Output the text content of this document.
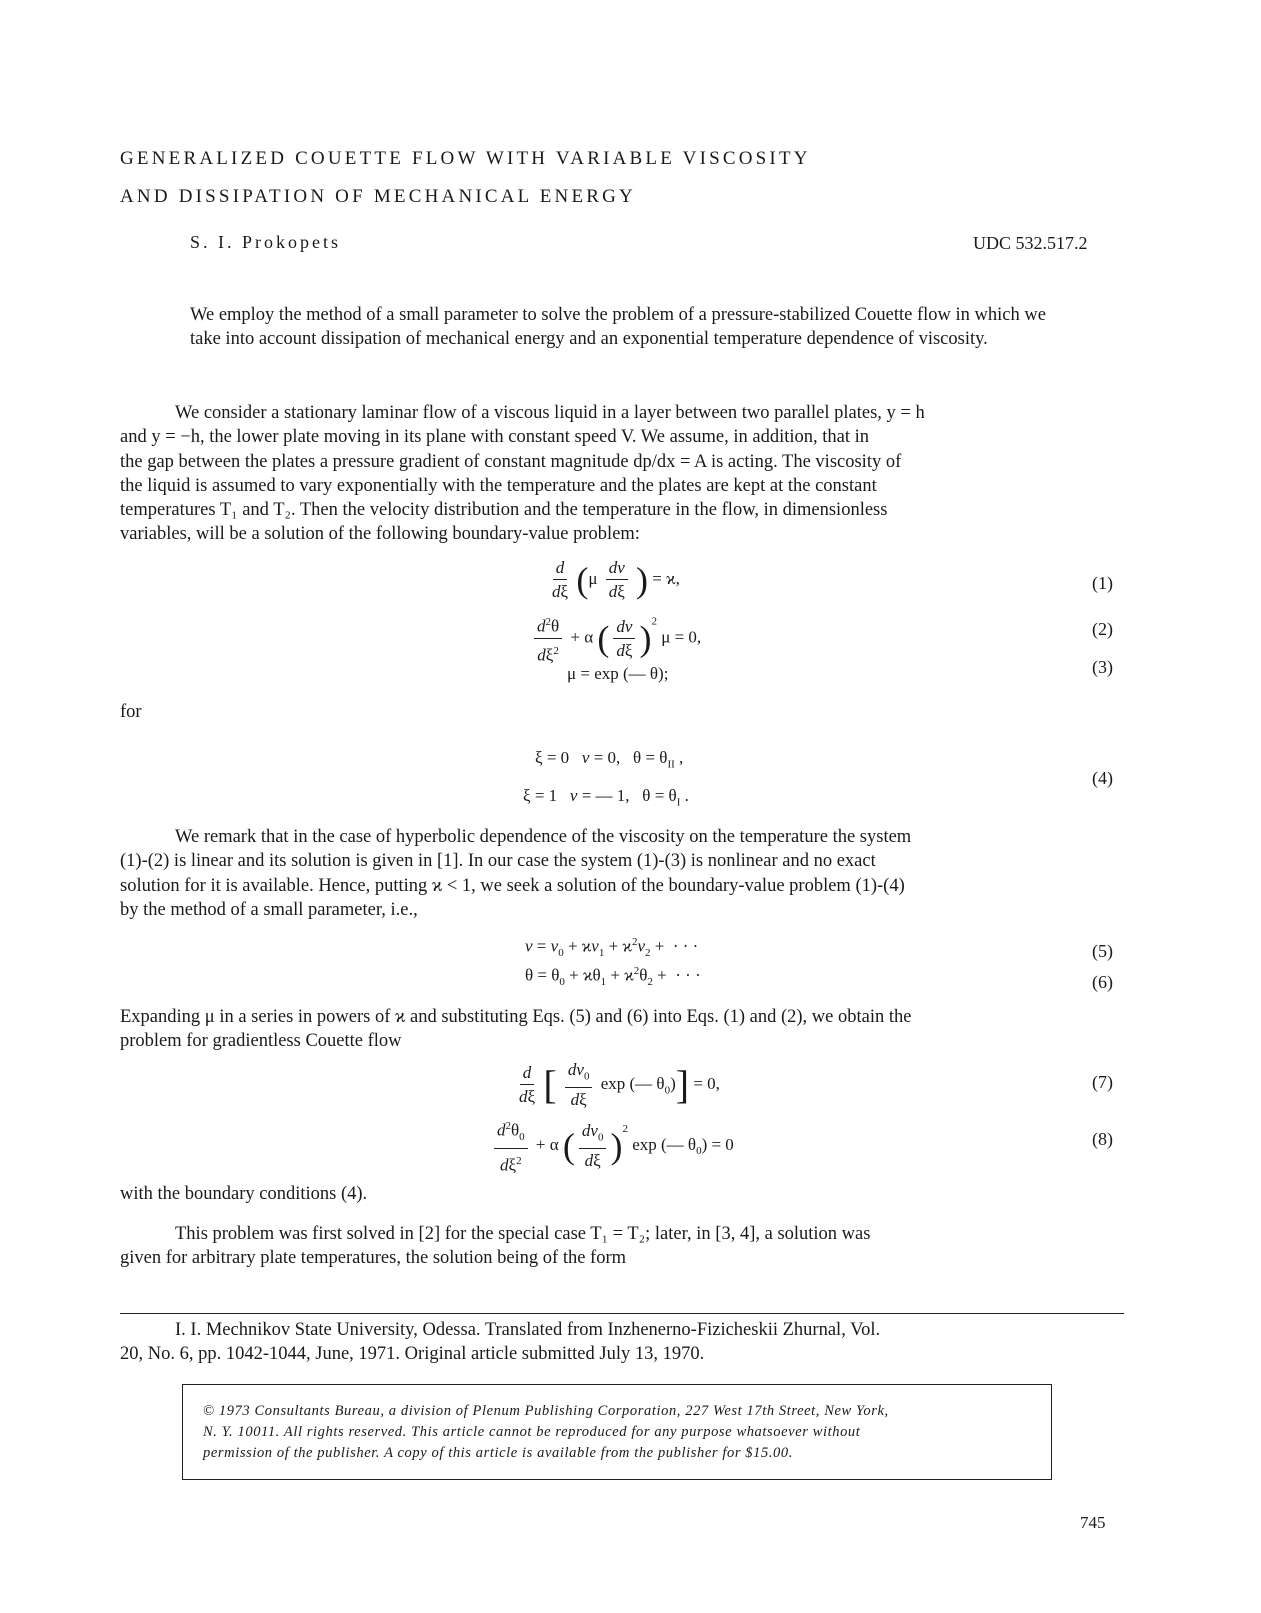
GENERALIZED COUETTE FLOW WITH VARIABLE VISCOSITY
AND DISSIPATION OF MECHANICAL ENERGY
S. I. Prokopets	UDC 532.517.2
We employ the method of a small parameter to solve the problem of a pressure-stabilized Couette flow in which we take into account dissipation of mechanical energy and an exponential temperature dependence of viscosity.
We consider a stationary laminar flow of a viscous liquid in a layer between two parallel plates, y = h
and y = −h, the lower plate moving in its plane with constant speed V. We assume, in addition, that in
the gap between the plates a pressure gradient of constant magnitude dp/dx = A is acting. The viscosity of
the liquid is assumed to vary exponentially with the temperature and the plates are kept at the constant
temperatures T₁ and T₂. Then the velocity distribution and the temperature in the flow, in dimensionless
variables, will be a solution of the following boundary-value problem:
$\frac{d}{d\xi} (\mu \frac{dv}{d\xi}$ ) = ϰ,	(1)
$\frac{d^2\theta}{d\xi^2} + \alpha$ ( $\frac{dv}{d\xi} )^2$ μ = 0,	(2)
μ = exp (— θ);	(3)
for
ξ = 0   v = 0,   $\theta = \theta_{II}$ ,
ξ = 1   v = — 1,   $\theta = \theta_I$ .
(4)
We remark that in the case of hyperbolic dependence of the viscosity on the temperature the system
(1)-(2) is linear and its solution is given in [1]. In our case the system (1)-(3) is nonlinear and no exact
solution for it is available. Hence, putting ϰ < 1, we seek a solution of the boundary-value problem (1)-(4)
by the method of a small parameter, i.e.,
$v = v_0 + ϰv_1 + ϰ^2v_2$ +  · · ·	(5)
$\theta = \theta_0 + ϰ\theta_1 + ϰ^2\theta_2$ +  · · ·	(6)
Expanding μ in a series in powers of ϰ and substituting Eqs. (5) and (6) into Eqs. (1) and (2), we obtain the
problem for gradientless Couette flow
$\frac{d}{d\xi}$ [ $\frac{dv_0}{d\xi}$ exp (— $\theta_0)] = 0$,	(7)
$\frac{d^2\theta_0}{d\xi^2} + \alpha$ ( $\frac{dv_0}{d\xi} )^2$ exp (— $\theta_0) = 0$	(8)
with the boundary conditions (4).
This problem was first solved in [2] for the special case T₁ = T₂; later, in [3, 4], a solution was
given for arbitrary plate temperatures, the solution being of the form
I. I. Mechnikov State University, Odessa. Translated from Inzhenerno-Fizicheskii Zhurnal, Vol.
20, No. 6, pp. 1042-1044, June, 1971. Original article submitted July 13, 1970.
© 1973 Consultants Bureau, a division of Plenum Publishing Corporation, 227 West 17th Street, New York,
N. Y. 10011. All rights reserved. This article cannot be reproduced for any purpose whatsoever without
permission of the publisher. A copy of this article is available from the publisher for $15.00.
745
